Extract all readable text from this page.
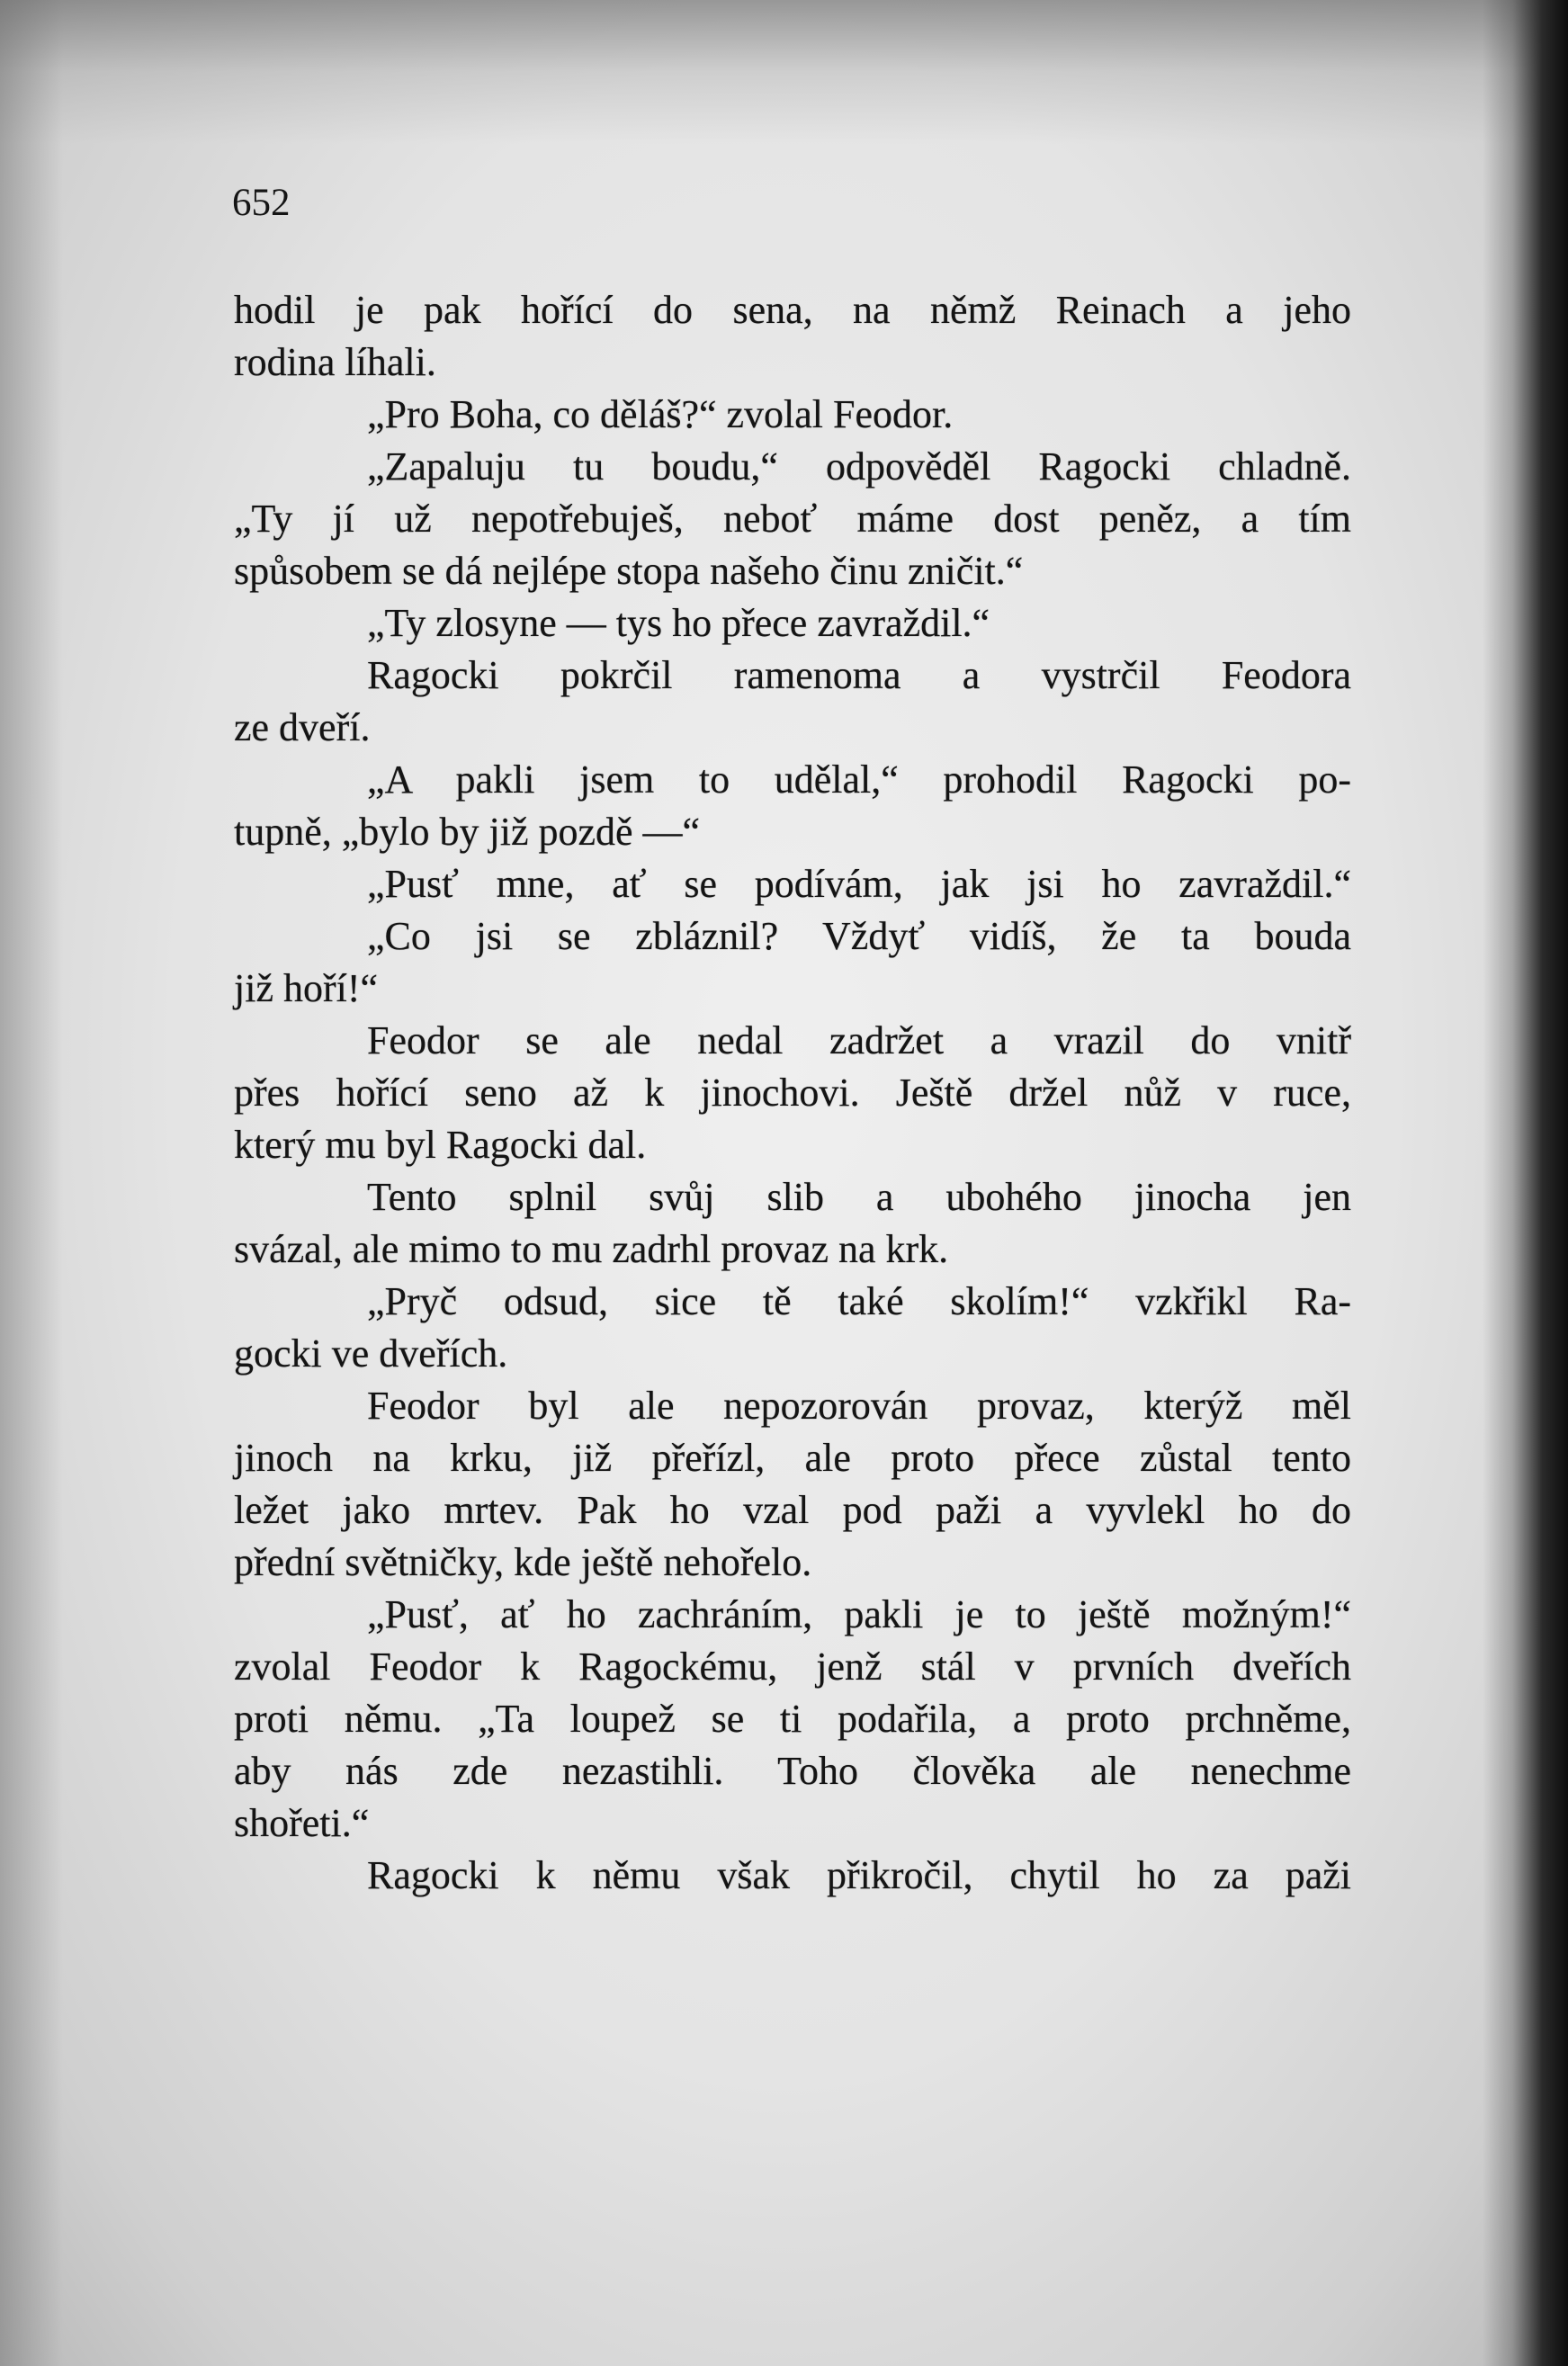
652

hodil je pak hořící do sena, na němž Reinach a jeho

rodina líhali.

„Pro Boha, co děláš?“ zvolal Feodor.

„Zapaluju tu boudu,“ odpověděl Ragocki chladně.

„Ty jí už nepotřebuješ, neboť máme dost peněz, a tím

spůsobem se dá nejlépe stopa našeho činu zničit.“

„Ty zlosyne — tys ho přece zavraždil.“

Ragocki pokrčil ramenoma a vystrčil Feodora

ze dveří.

„A pakli jsem to udělal,“ prohodil Ragocki po-

tupně, „bylo by již pozdě —“

„Pusť mne, ať se podívám, jak jsi ho zavraždil.“

„Co jsi se zbláznil? Vždyť vidíš, že ta bouda

již hoří!“

Feodor se ale nedal zadržet a vrazil do vnitř

přes hořící seno až k jinochovi. Ještě držel nůž v ruce,

který mu byl Ragocki dal.

Tento splnil svůj slib a ubohého jinocha jen

svázal, ale mimo to mu zadrhl provaz na krk.

„Pryč odsud, sice tě také skolím!“ vzkřikl Ra-

gocki ve dveřích.

Feodor byl ale nepozorován provaz, kterýž měl

jinoch na krku, již přeřízl, ale proto přece zůstal tento

ležet jako mrtev. Pak ho vzal pod paži a vyvlekl ho do

přední světničky, kde ještě nehořelo.

„Pusť, ať ho zachráním, pakli je to ještě možným!“

zvolal Feodor k Ragockému, jenž stál v prvních dveřích

proti němu. „Ta loupež se ti podařila, a proto prchněme,

aby nás zde nezastihli. Toho člověka ale nenechme

shořeti.“

Ragocki k němu však přikročil, chytil ho za paži
